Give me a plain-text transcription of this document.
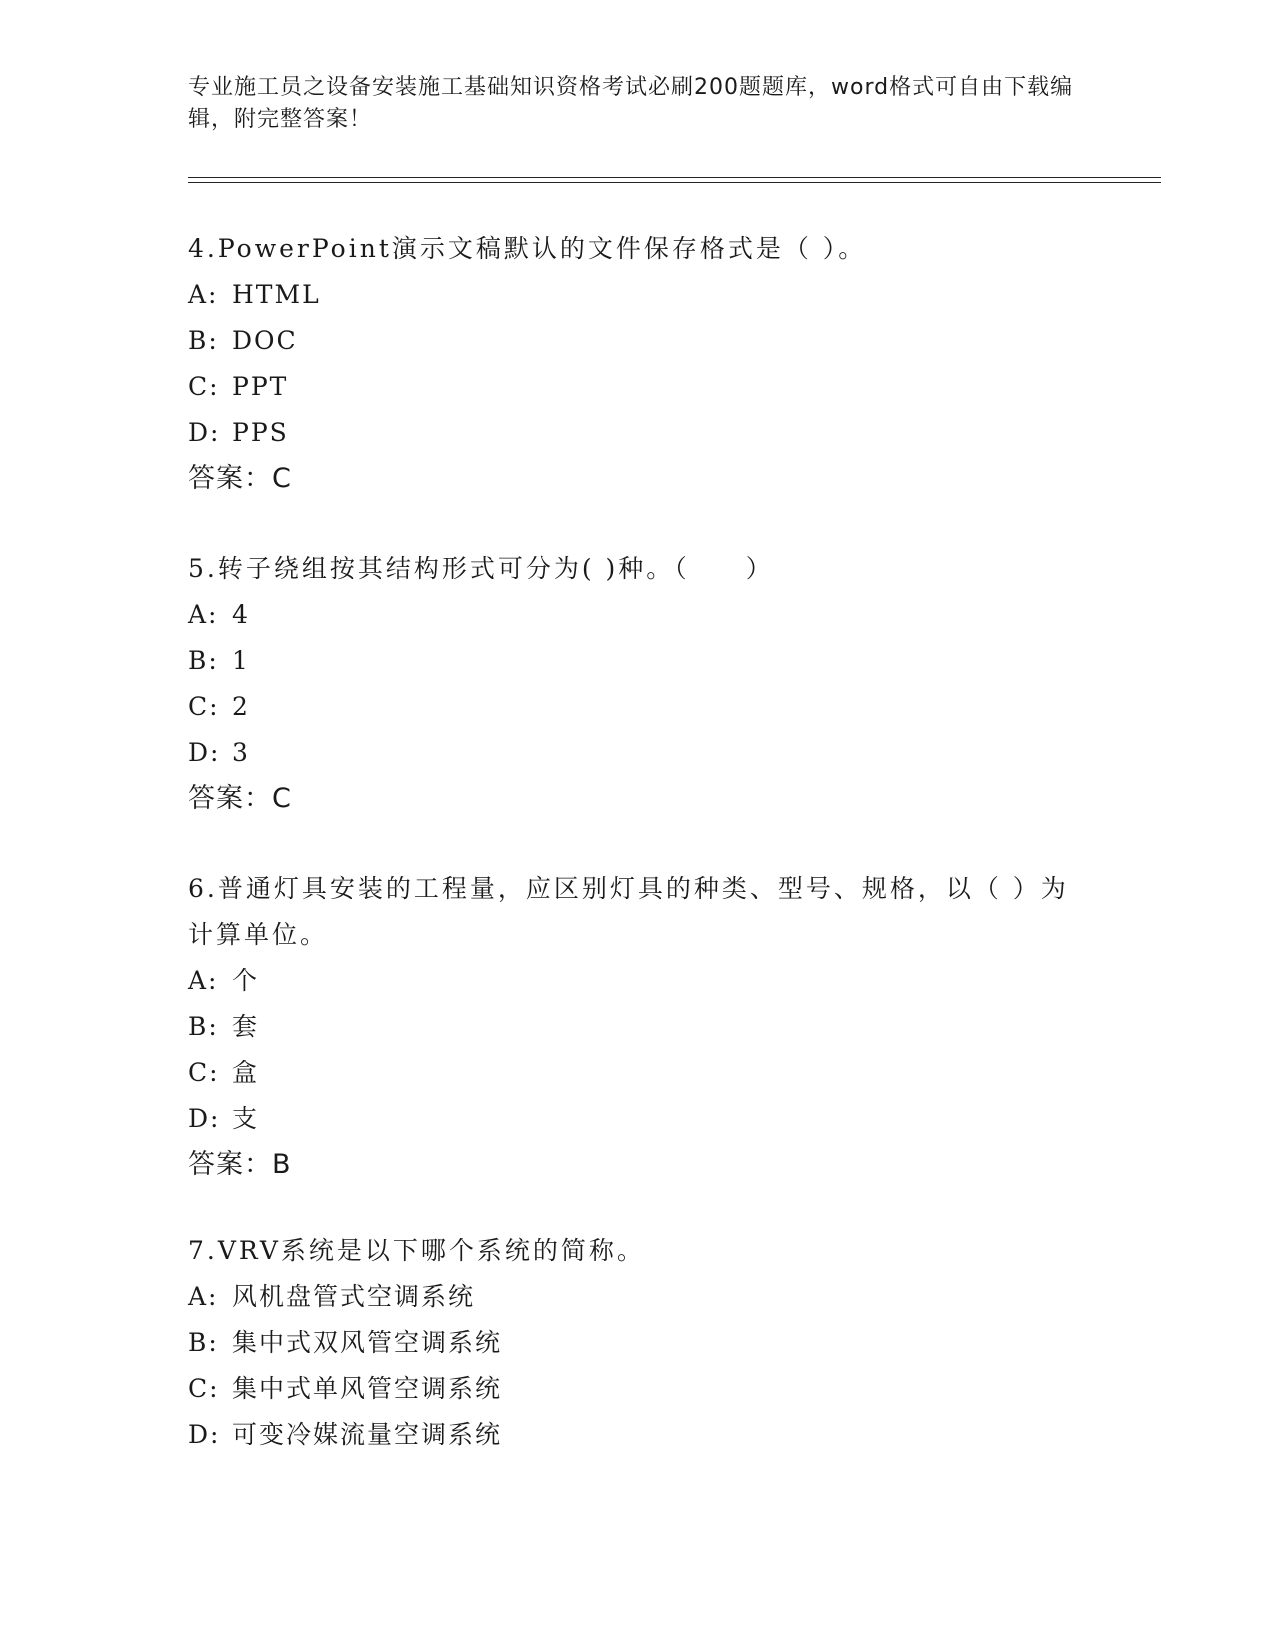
专业施工员之设备安装施工基础知识资格考试必刷200题题库，word格式可自由下载编辑，附完整答案！

4.PowerPoint演示文稿默认的文件保存格式是（ ）。

A: HTML

B: DOC

C: PPT

D: PPS

答案：C

5.转子绕组按其结构形式可分为( )种。（　　）

A: 4

B: 1

C: 2

D: 3

答案：C

6.普通灯具安装的工程量，应区别灯具的种类、型号、规格，以（ ）为计算单位。

A: 个

B: 套

C: 盒

D: 支

答案：B

7.VRV系统是以下哪个系统的简称。

A: 风机盘管式空调系统

B: 集中式双风管空调系统

C: 集中式单风管空调系统

D: 可变冷媒流量空调系统
